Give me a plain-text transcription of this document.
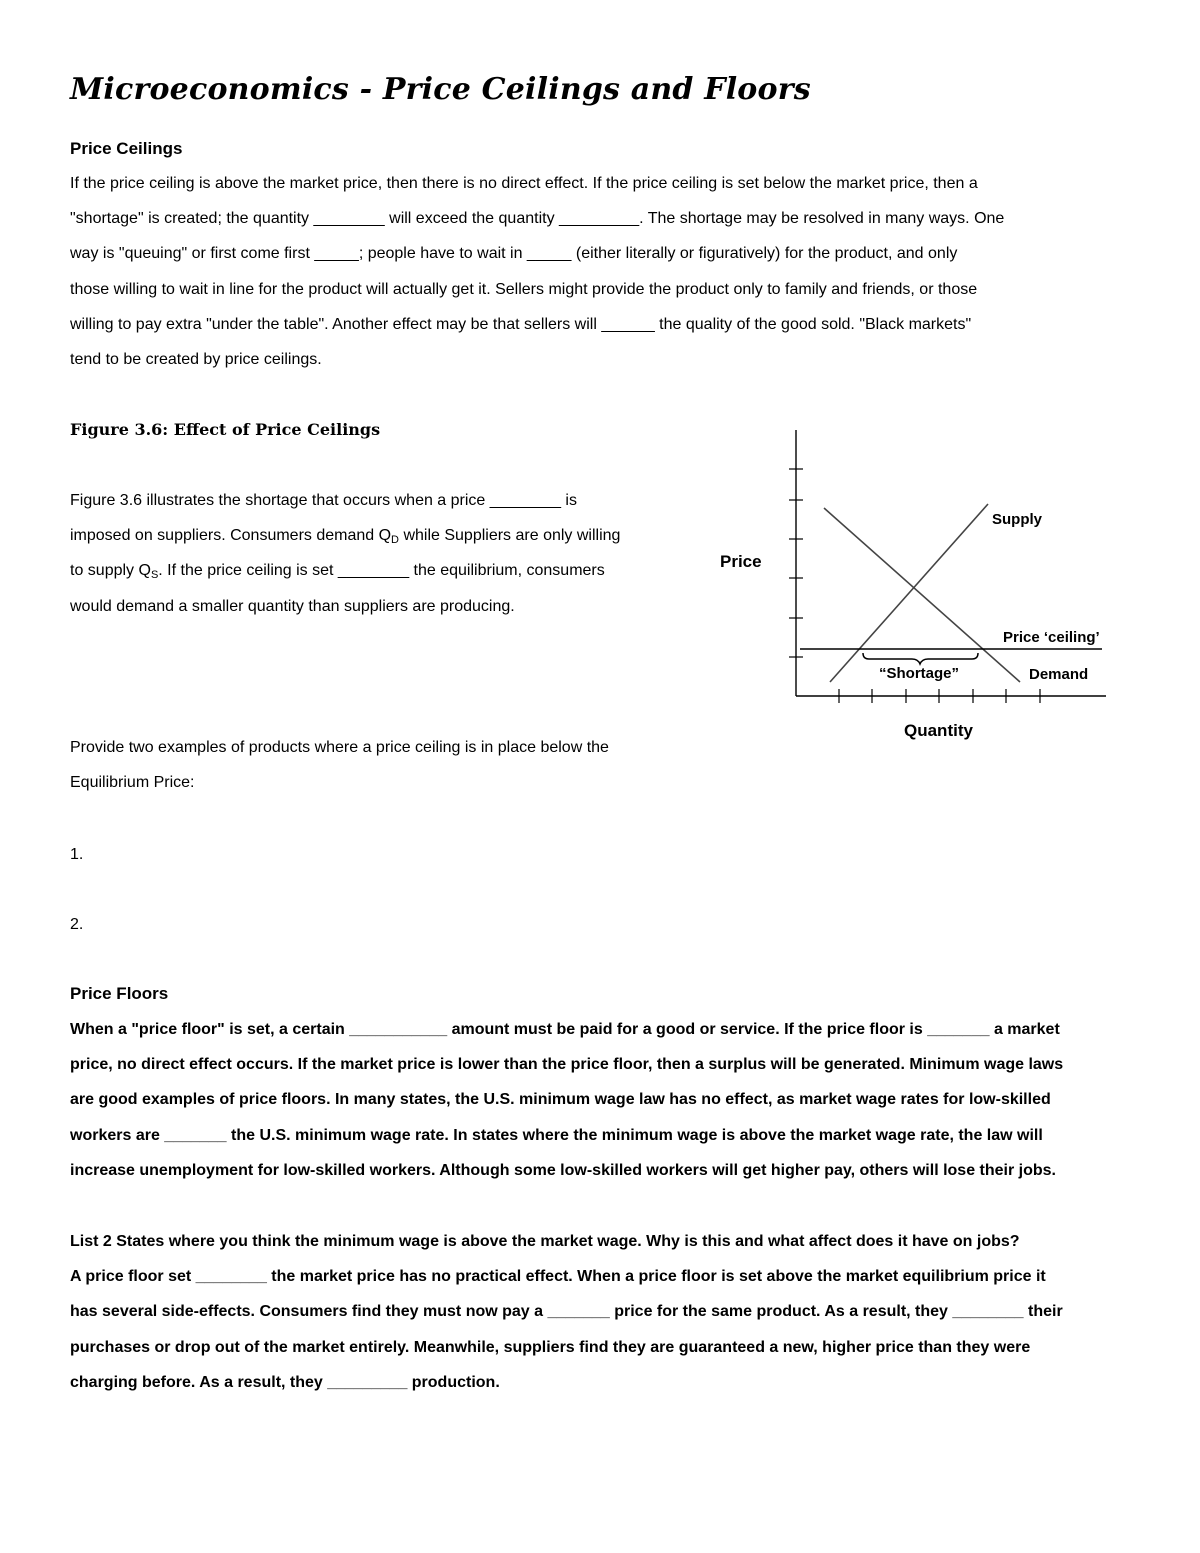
Microeconomics - Price Ceilings and Floors
Price Ceilings

If the price ceiling is above the market price, then there is no direct effect. If the price ceiling is set below the market price, then a
"shortage" is created; the quantity ________ will exceed the quantity _________. The shortage may be resolved in many ways. One
way is "queuing" or first come first _____; people have to wait in _____ (either literally or figuratively) for the product, and only
those willing to wait in line for the product will actually get it. Sellers might provide the product only to family and friends, or those
willing to pay extra "under the table". Another effect may be that sellers will ______ the quality of the good sold. "Black markets"
tend to be created by price ceilings.

Figure 3.6: Effect of Price Ceilings

Figure 3.6 illustrates the shortage that occurs when a price ________ is
imposed on suppliers. Consumers demand $Q_D$ while Suppliers are only willing
to supply $Q_S$. If the price ceiling is set ________ the equilibrium, consumers
would demand a smaller quantity than suppliers are producing.

Price
Quantity
Supply
Demand
Price ‘ceiling’
“Shortage”

Provide two examples of products where a price ceiling is in place below the
Equilibrium Price:

1.

2.

Price Floors

When a "price floor" is set, a certain ___________ amount must be paid for a good or service. If the price floor is _______ a market
price, no direct effect occurs. If the market price is lower than the price floor, then a surplus will be generated. Minimum wage laws
are good examples of price floors. In many states, the U.S. minimum wage law has no effect, as market wage rates for low-skilled
workers are _______ the U.S. minimum wage rate. In states where the minimum wage is above the market wage rate, the law will
increase unemployment for low-skilled workers. Although some low-skilled workers will get higher pay, others will lose their jobs.

List 2 States where you think the minimum wage is above the market wage. Why is this and what affect does it have on jobs?
A price floor set ________ the market price has no practical effect. When a price floor is set above the market equilibrium price it
has several side-effects. Consumers find they must now pay a _______ price for the same product. As a result, they ________ their
purchases or drop out of the market entirely. Meanwhile, suppliers find they are guaranteed a new, higher price than they were
charging before. As a result, they _________ production.
